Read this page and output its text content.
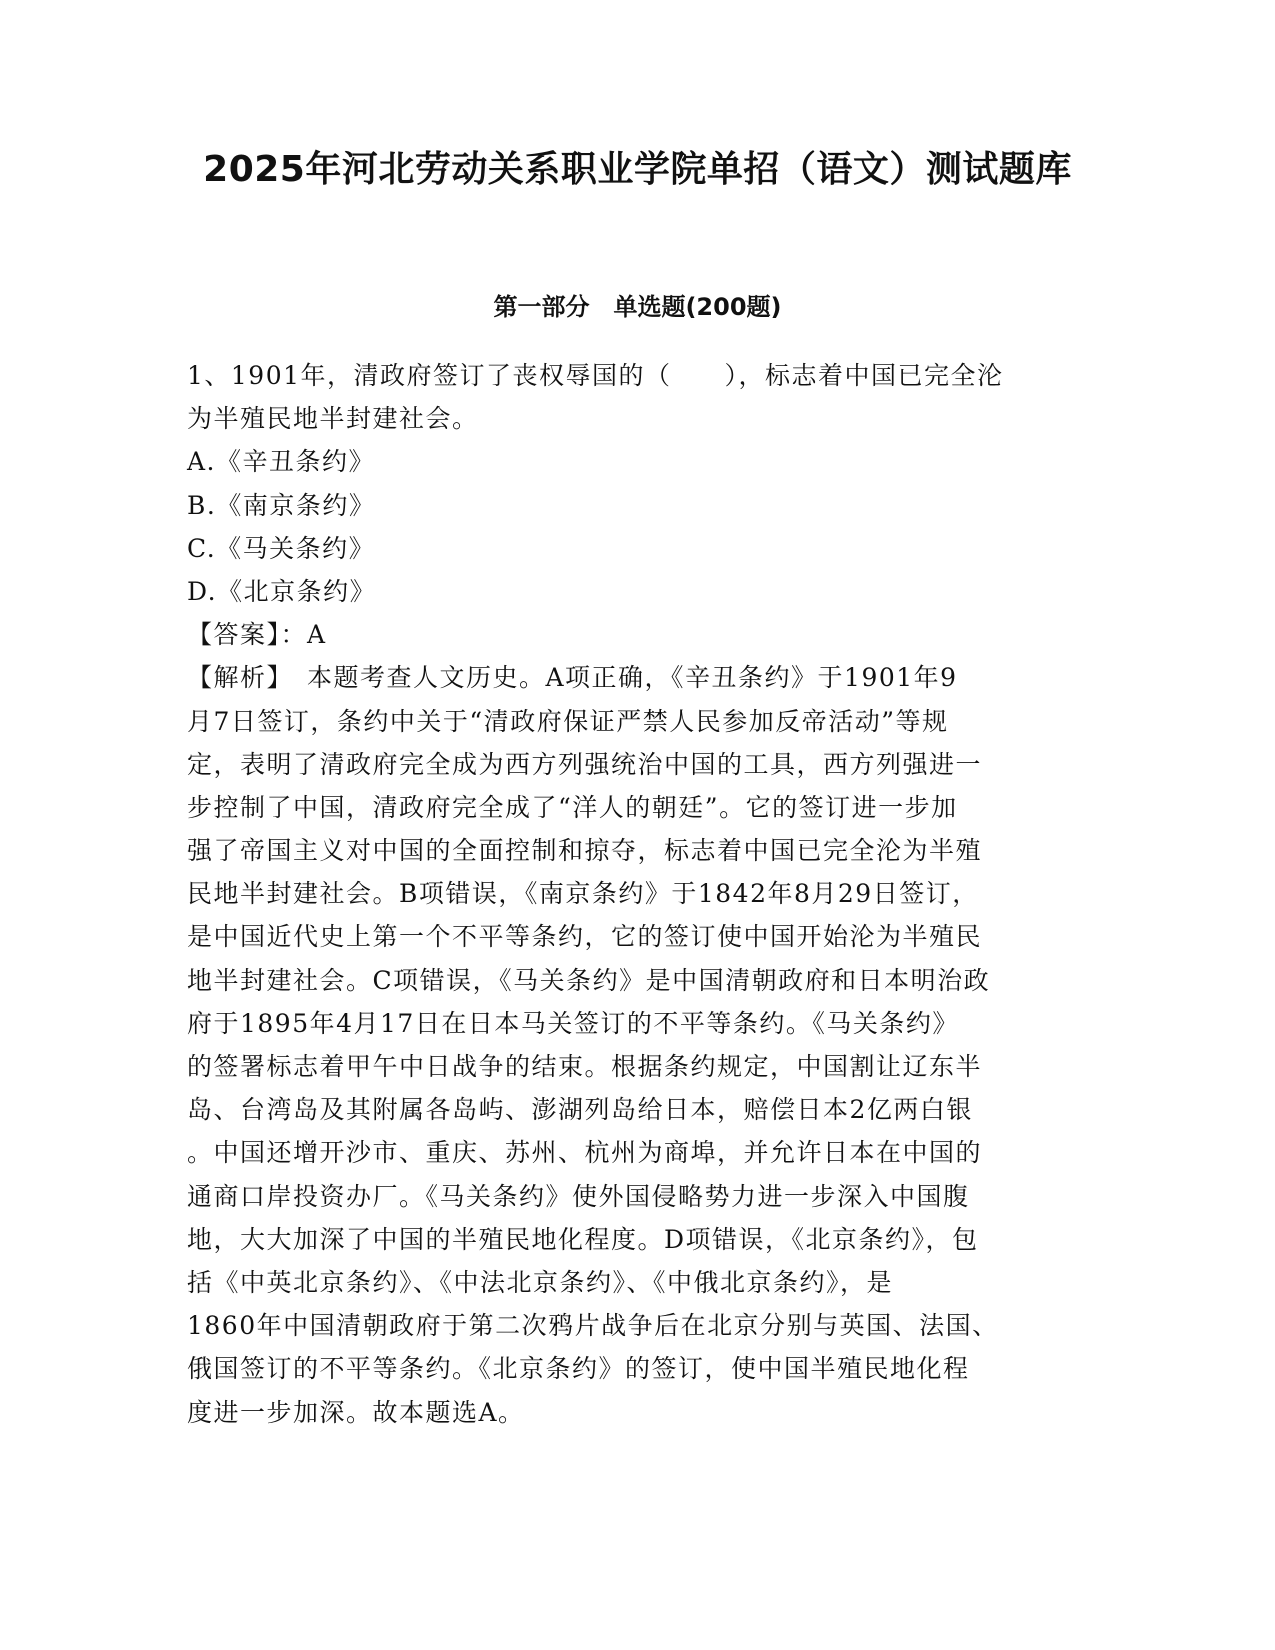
2025年河北劳动关系职业学院单招（语文）测试题库
第一部分　单选题(200题)
1、1901年，清政府签订了丧权辱国的（　　），标志着中国已完全沦
为半殖民地半封建社会。
A.《辛丑条约》
B.《南京条约》
C.《马关条约》
D.《北京条约》
【答案】：A
【解析】　本题考查人文历史。A项正确，《辛丑条约》于1901年9
月7日签订，条约中关于“清政府保证严禁人民参加反帝活动”等规
定，表明了清政府完全成为西方列强统治中国的工具，西方列强进一
步控制了中国，清政府完全成了“洋人的朝廷”。它的签订进一步加
强了帝国主义对中国的全面控制和掠夺，标志着中国已完全沦为半殖
民地半封建社会。B项错误，《南京条约》于1842年8月29日签订，
是中国近代史上第一个不平等条约，它的签订使中国开始沦为半殖民
地半封建社会。C项错误，《马关条约》是中国清朝政府和日本明治政
府于1895年4月17日在日本马关签订的不平等条约。《马关条约》
的签署标志着甲午中日战争的结束。根据条约规定，中国割让辽东半
岛、台湾岛及其附属各岛屿、澎湖列岛给日本，赔偿日本2亿两白银
。中国还增开沙市、重庆、苏州、杭州为商埠，并允许日本在中国的
通商口岸投资办厂。《马关条约》使外国侵略势力进一步深入中国腹
地，大大加深了中国的半殖民地化程度。D项错误，《北京条约》，包
括《中英北京条约》、《中法北京条约》、《中俄北京条约》，是
1860年中国清朝政府于第二次鸦片战争后在北京分别与英国、法国、
俄国签订的不平等条约。《北京条约》的签订，使中国半殖民地化程
度进一步加深。故本题选A。
